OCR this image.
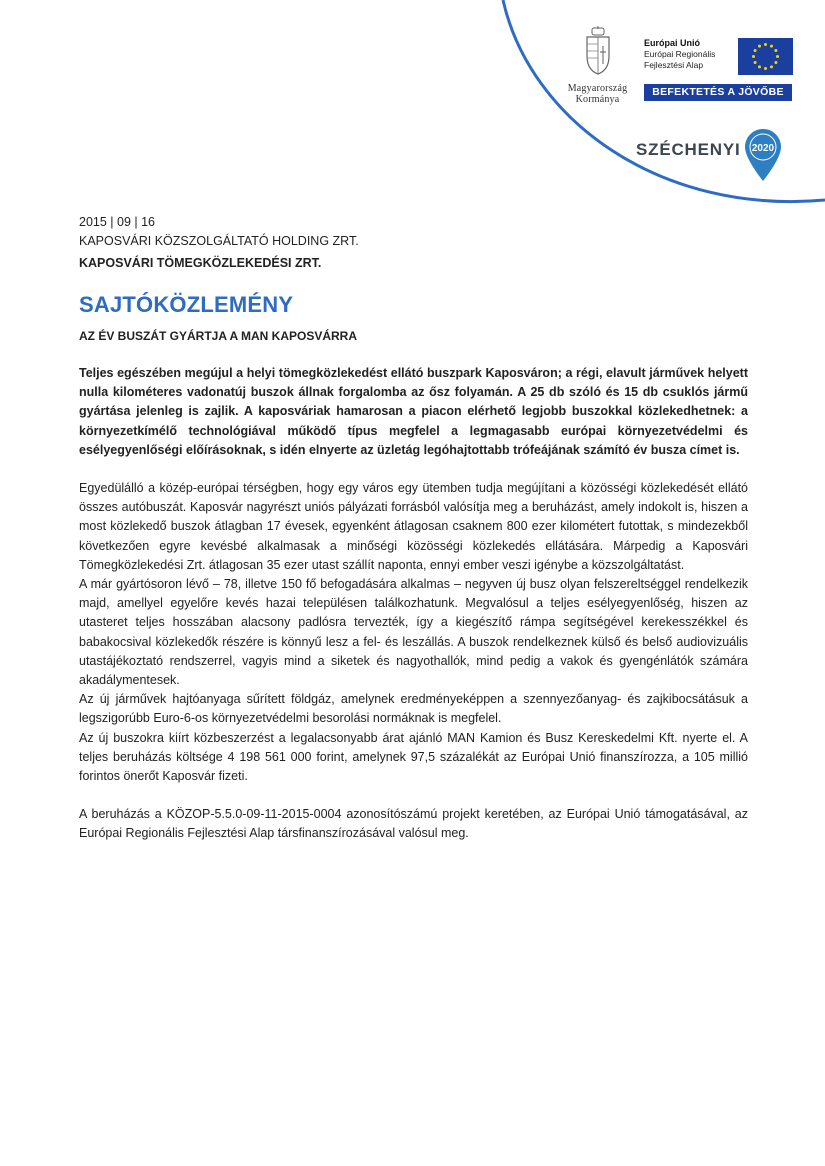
Magyarország
Kormánya
Európai Unió
Európai Regionális
Fejlesztési Alap
BEFEKTETÉS A JÖVŐBE
SZÉCHENYI 2020
2015 | 09 | 16
KAPOSVÁRI KÖZSZOLGÁLTATÓ HOLDING ZRT.
KAPOSVÁRI TÖMEGKÖZLEKEDÉSI ZRT.
SAJTÓKÖZLEMÉNY
AZ ÉV BUSZÁT GYÁRTJA A MAN KAPOSVÁRRA

Teljes egészében megújul a helyi tömegközlekedést ellátó buszpark Kaposváron; a régi, elavult járművek helyett nulla kilométeres vadonatúj buszok állnak forgalomba az ősz folyamán. A 25 db szóló és 15 db csuklós jármű gyártása jelenleg is zajlik. A kaposváriak hamarosan a piacon elérhető legjobb buszokkal közlekedhetnek: a környezetkímélő technológiával működő típus megfelel a legmagasabb európai környezetvédelmi és esélyegyenlőségi előírásoknak, s idén elnyerte az üzletág legóhajtottabb trófeájának számító év busza címet is.

Egyedülálló a közép-európai térségben, hogy egy város egy ütemben tudja megújítani a közösségi közlekedését ellátó összes autóbuszát. Kaposvár nagyrészt uniós pályázati forrásból valósítja meg a beruházást, amely indokolt is, hiszen a most közlekedő buszok átlagban 17 évesek, egyenként átlagosan csaknem 800 ezer kilométert futottak, s mindezekből következően egyre kevésbé alkalmasak a minőségi közösségi közlekedés ellátására. Márpedig a Kaposvári Tömegközlekedési Zrt. átlagosan 35 ezer utast szállít naponta, ennyi ember veszi igénybe a közszolgáltatást.

A már gyártósoron lévő – 78, illetve 150 fő befogadására alkalmas – negyven új busz olyan felszereltséggel rendelkezik majd, amellyel egyelőre kevés hazai településen találkozhatunk. Megvalósul a teljes esélyegyenlőség, hiszen az utasteret teljes hosszában alacsony padlósra tervezték, így a kiegészítő rámpa segítségével kerekesszékkel és babakocsival közlekedők részére is könnyű lesz a fel- és leszállás. A buszok rendelkeznek külső és belső audiovizuális utastájékoztató rendszerrel, vagyis mind a siketek és nagyothallók, mind pedig a vakok és gyengénlátók számára akadálymentesek.

Az új járművek hajtóanyaga sűrített földgáz, amelynek eredményeképpen a szennyezőanyag- és zajkibocsátásuk a legszigorúbb Euro-6-os környezetvédelmi besorolási normáknak is megfelel.

Az új buszokra kiírt közbeszerzést a legalacsonyabb árat ajánló MAN Kamion és Busz Kereskedelmi Kft. nyerte el. A teljes beruházás költsége 4 198 561 000 forint, amelynek 97,5 százalékát az Európai Unió finanszírozza, a 105 millió forintos önerőt Kaposvár fizeti.

A beruházás a KÖZOP-5.5.0-09-11-2015-0004 azonosítószámú projekt keretében, az Európai Unió támogatásával, az Európai Regionális Fejlesztési Alap társfinanszírozásával valósul meg.
